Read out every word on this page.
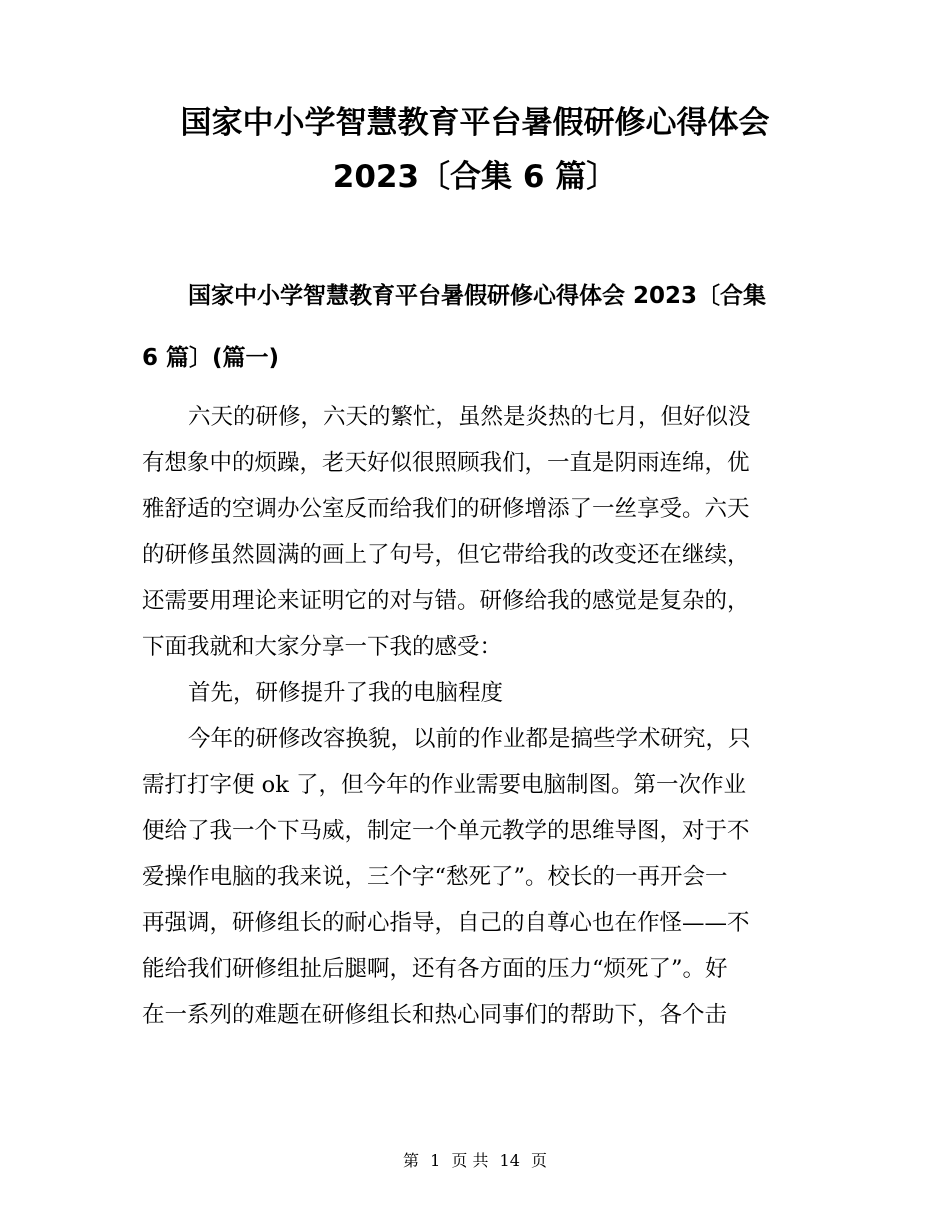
国家中小学智慧教育平台暑假研修心得体会
2023〔合集 6 篇〕
国家中小学智慧教育平台暑假研修心得体会 2023〔合集
6 篇〕(篇一)

六天的研修，六天的繁忙，虽然是炎热的七月，但好似没

有想象中的烦躁，老天好似很照顾我们，一直是阴雨连绵，优

雅舒适的空调办公室反而给我们的研修增添了一丝享受。六天

的研修虽然圆满的画上了句号，但它带给我的改变还在继续，

还需要用理论来证明它的对与错。研修给我的感觉是复杂的，

下面我就和大家分享一下我的感受：

首先，研修提升了我的电脑程度

今年的研修改容换貌，以前的作业都是搞些学术研究，只

需打打字便 ok 了，但今年的作业需要电脑制图。第一次作业

便给了我一个下马威，制定一个单元教学的思维导图，对于不

爱操作电脑的我来说，三个字“愁死了”。校长的一再开会一

再强调，研修组长的耐心指导，自己的自尊心也在作怪——不

能给我们研修组扯后腿啊，还有各方面的压力“烦死了”。好

在一系列的难题在研修组长和热心同事们的帮助下，各个击

第 1 页 共 14 页
